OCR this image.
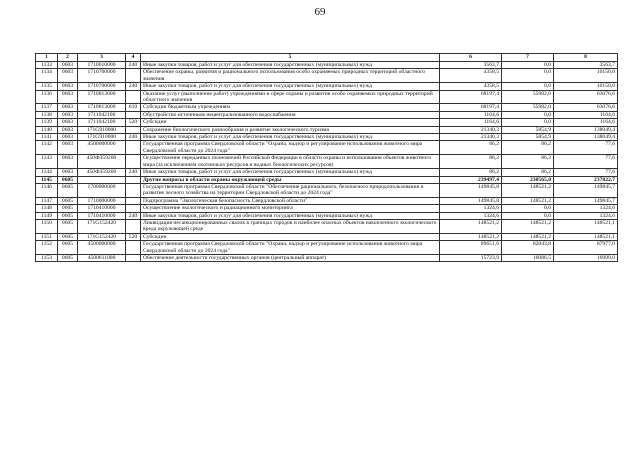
69
1	2	3	4	5	6	7	8
1133	0603	1710610000	240	Иные закупки товаров, работ и услуг для обеспечения государственных (муниципальных) нужд	3563,7	0,0	3563,7
1134	0603	1710700000		Обеспечение охраны, развития и рационального использования особо охраняемых природных территорий областного значения	4358,5	0,0	10150,0
1135	0603	1710700000	240	Иные закупки товаров, работ и услуг для обеспечения государственных (муниципальных) нужд	4358,5	0,0	10150,0
1136	0603	1710813000		Оказание услуг (выполнение работ) учреждениями в сфере охраны и развития особо охраняемых природных территорий областного значения	68197,4	55982,0	63076,6
1137	0603	1710813000	610	Субсидии бюджетным учреждениям	68197,4	55982,0	63076,6
1138	0603	1711042100		Обустройство источников нецентрализованного водоснабжения	1164,6	0,0	1164,6
1139	0603	1711042100	520	Субсидии	1164,6	0,0	1164,6
1140	0603	171G910000		Сохранение биологического разнообразия и развитие экологического туризма	21340,3	5854,9	138049,4
1141	0603	171G910000	240	Иные закупки товаров, работ и услуг для обеспечения государственных (муниципальных) нужд	21340,3	5854,9	138049,4
1142	0603	4500000000		Государственная программа Свердловской области "Охрана, надзор и регулирование использования животного мира Свердловской области до 2024 года"	86,2	86,2	77,6
1143	0603	450Ф359200		Осуществление переданных полномочий Российской Федерации в области охраны и использования объектов животного мира (за исключением охотничьих ресурсов и водных биологических ресурсов)	86,2	86,2	77,6
1144	0603	450Ф359200	240	Иные закупки товаров, работ и услуг для обеспечения государственных (муниципальных) нужд	86,2	86,2	77,6
1145	0605			Другие вопросы в области охраны окружающей среды	239497,4	230565,0	237822,7
1146	0605	1700000000		Государственная программа Свердловской области "Обеспечение рационального, безопасного природопользования и развитие лесного хозяйства на территории Свердловской области до 2024 года"	149845,8	148521,2	149845,7
1147	0605	1710000000		Подпрограмма "Экологическая безопасность Свердловской области"	149845,8	148521,2	149845,7
1148	0605	1710410000		Осуществление экологического и радиационного мониторинга	1324,6	0,0	1324,6
1149	0605	1710410000	240	Иные закупки товаров, работ и услуг для обеспечения государственных (муниципальных) нужд	1324,6	0,0	1324,6
1150	0605	171G152420		Ликвидация несанкционированных свалок в границах городов и наиболее опасных объектов накопленного экологического вреда окружающей среде	148521,2	148521,2	148521,1
1151	0605	171G152420	520	Субсидии	148521,2	148521,2	148521,1
1152	0605	4500000000		Государственная программа Свердловской области "Охрана, надзор и регулирование использования животного мира Свердловской области до 2024 года"	89651,6	82043,8	87977,0
1153	0605	4500611000		Обеспечение деятельности государственных органов (центральный аппарат)	15723,9	16086,5	16999,0
